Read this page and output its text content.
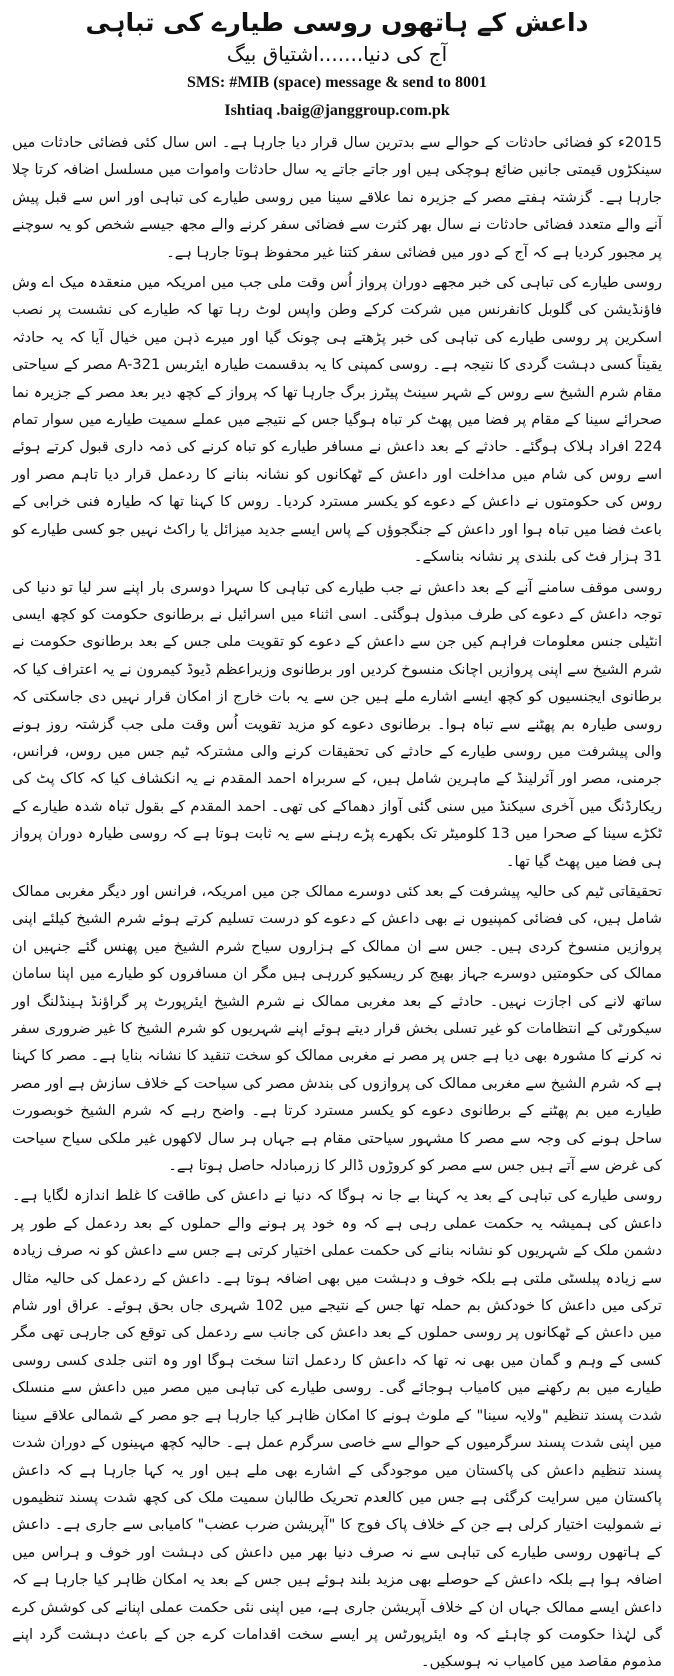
داعش کے ہاتھوں روسی طیارے کی تباہی
آج کی دنیا.......اشتیاق بیگ
SMS: #MIB (space) message & send to 8001
Ishtiaq .baig@janggroup.com.pk

2015ء کو فضائی حادثات کے حوالے سے بدترین سال قرار دیا جارہا ہے۔ اس سال کئی فضائی حادثات میں سینکڑوں قیمتی جانیں ضائع ہوچکی ہیں اور جاتے جاتے یہ سال حادثات واموات میں مسلسل اضافہ کرتا چلا جارہا ہے۔ گزشتہ ہفتے مصر کے جزیرہ نما علاقے سینا میں روسی طیارے کی تباہی اور اس سے قبل پیش آنے والے متعدد فضائی حادثات نے سال بھر کثرت سے فضائی سفر کرنے والے مجھ جیسے شخص کو یہ سوچنے پر مجبور کردیا ہے کہ آج کے دور میں فضائی سفر کتنا غیر محفوظ ہوتا جارہا ہے۔

روسی طیارے کی تباہی کی خبر مجھے دوران پرواز اُس وقت ملی جب میں امریکہ میں منعقدہ میک اے وش فاؤنڈیشن کی گلوبل کانفرنس میں شرکت کرکے وطن واپس لوٹ رہا تھا کہ طیارے کی نشست پر نصب اسکرین پر روسی طیارے کی تباہی کی خبر پڑھتے ہی چونک گیا اور میرے ذہن میں خیال آیا کہ یہ حادثہ یقیناً کسی دہشت گردی کا نتیجہ ہے۔ روسی کمپنی کا یہ بدقسمت طیارہ ایئربس A-321 مصر کے سیاحتی مقام شرم الشیخ سے روس کے شہر سینٹ پیٹرز برگ جارہا تھا کہ پرواز کے کچھ دیر بعد مصر کے جزیرہ نما صحرائے سینا کے مقام پر فضا میں پھٹ کر تباہ ہوگیا جس کے نتیجے میں عملے سمیت طیارے میں سوار تمام 224 افراد ہلاک ہوگئے۔ حادثے کے بعد داعش نے مسافر طیارے کو تباہ کرنے کی ذمہ داری قبول کرتے ہوئے اسے روس کی شام میں مداخلت اور داعش کے ٹھکانوں کو نشانہ بنانے کا ردعمل قرار دیا تاہم مصر اور روس کی حکومتوں نے داعش کے دعوے کو یکسر مسترد کردیا۔ روس کا کہنا تھا کہ طیارہ فنی خرابی کے باعث فضا میں تباہ ہوا اور داعش کے جنگجوؤں کے پاس ایسے جدید میزائل یا راکٹ نہیں جو کسی طیارے کو 31 ہزار فٹ کی بلندی پر نشانہ بناسکے۔

روسی موقف سامنے آنے کے بعد داعش نے جب طیارے کی تباہی کا سہرا دوسری بار اپنے سر لیا تو دنیا کی توجہ داعش کے دعوے کی طرف مبذول ہوگئی۔ اسی اثناء میں اسرائیل نے برطانوی حکومت کو کچھ ایسی انٹیلی جنس معلومات فراہم کیں جن سے داعش کے دعوے کو تقویت ملی جس کے بعد برطانوی حکومت نے شرم الشیخ سے اپنی پروازیں اچانک منسوخ کردیں اور برطانوی وزیراعظم ڈیوڈ کیمرون نے یہ اعتراف کیا کہ برطانوی ایجنسیوں کو کچھ ایسے اشارے ملے ہیں جن سے یہ بات خارج از امکان قرار نہیں دی جاسکتی کہ روسی طیارہ بم پھٹنے سے تباہ ہوا۔ برطانوی دعوے کو مزید تقویت اُس وقت ملی جب گزشتہ روز ہونے والی پیشرفت میں روسی طیارے کے حادثے کی تحقیقات کرنے والی مشترکہ ٹیم جس میں روس، فرانس، جرمنی، مصر اور آئرلینڈ کے ماہرین شامل ہیں، کے سربراہ احمد المقدم نے یہ انکشاف کیا کہ کاک پٹ کی ریکارڈنگ میں آخری سیکنڈ میں سنی گئی آواز دھماکے کی تھی۔ احمد المقدم کے بقول تباہ شدہ طیارے کے ٹکڑے سینا کے صحرا میں 13 کلومیٹر تک بکھرے پڑے رہنے سے یہ ثابت ہوتا ہے کہ روسی طیارہ دوران پرواز ہی فضا میں پھٹ گیا تھا۔

تحقیقاتی ٹیم کی حالیہ پیشرفت کے بعد کئی دوسرے ممالک جن میں امریکہ، فرانس اور دیگر مغربی ممالک شامل ہیں، کی فضائی کمپنیوں نے بھی داعش کے دعوے کو درست تسلیم کرتے ہوئے شرم الشیخ کیلئے اپنی پروازیں منسوخ کردی ہیں۔ جس سے ان ممالک کے ہزاروں سیاح شرم الشیخ میں پھنس گئے جنہیں ان ممالک کی حکومتیں دوسرے جہاز بھیج کر ریسکیو کررہی ہیں مگر ان مسافروں کو طیارے میں اپنا سامان ساتھ لانے کی اجازت نہیں۔ حادثے کے بعد مغربی ممالک نے شرم الشیخ ایئرپورٹ پر گراؤنڈ ہینڈلنگ اور سیکورٹی کے انتظامات کو غیر تسلی بخش قرار دیتے ہوئے اپنے شہریوں کو شرم الشیخ کا غیر ضروری سفر نہ کرنے کا مشورہ بھی دیا ہے جس پر مصر نے مغربی ممالک کو سخت تنقید کا نشانہ بنایا ہے۔ مصر کا کہنا ہے کہ شرم الشیخ سے مغربی ممالک کی پروازوں کی بندش مصر کی سیاحت کے خلاف سازش ہے اور مصر طیارے میں بم پھٹنے کے برطانوی دعوے کو یکسر مسترد کرتا ہے۔ واضح رہے کہ شرم الشیخ خوبصورت ساحل ہونے کی وجہ سے مصر کا مشہور سیاحتی مقام ہے جہاں ہر سال لاکھوں غیر ملکی سیاح سیاحت کی غرض سے آتے ہیں جس سے مصر کو کروڑوں ڈالر کا زرمبادلہ حاصل ہوتا ہے۔

روسی طیارے کی تباہی کے بعد یہ کہنا بے جا نہ ہوگا کہ دنیا نے داعش کی طاقت کا غلط اندازہ لگایا ہے۔ داعش کی ہمیشہ یہ حکمت عملی رہی ہے کہ وہ خود پر ہونے والے حملوں کے بعد ردعمل کے طور پر دشمن ملک کے شہریوں کو نشانہ بنانے کی حکمت عملی اختیار کرتی ہے جس سے داعش کو نہ صرف زیادہ سے زیادہ پبلسٹی ملتی ہے بلکہ خوف و دہشت میں بھی اضافہ ہوتا ہے۔ داعش کے ردعمل کی حالیہ مثال ترکی میں داعش کا خودکش بم حملہ تھا جس کے نتیجے میں 102 شہری جاں بحق ہوئے۔ عراق اور شام میں داعش کے ٹھکانوں پر روسی حملوں کے بعد داعش کی جانب سے ردعمل کی توقع کی جارہی تھی مگر کسی کے وہم و گمان میں بھی نہ تھا کہ داعش کا ردعمل اتنا سخت ہوگا اور وہ اتنی جلدی کسی روسی طیارے میں بم رکھنے میں کامیاب ہوجائے گی۔ روسی طیارے کی تباہی میں مصر میں داعش سے منسلک شدت پسند تنظیم "ولایہ سینا" کے ملوث ہونے کا امکان ظاہر کیا جارہا ہے جو مصر کے شمالی علاقے سینا میں اپنی شدت پسند سرگرمیوں کے حوالے سے خاصی سرگرم عمل ہے۔ حالیہ کچھ مہینوں کے دوران شدت پسند تنظیم داعش کی پاکستان میں موجودگی کے اشارے بھی ملے ہیں اور یہ کہا جارہا ہے کہ داعش پاکستان میں سرایت کرگئی ہے جس میں کالعدم تحریک طالبان سمیت ملک کی کچھ شدت پسند تنظیموں نے شمولیت اختیار کرلی ہے جن کے خلاف پاک فوج کا "آپریشن ضرب عضب" کامیابی سے جاری ہے۔ داعش کے ہاتھوں روسی طیارے کی تباہی سے نہ صرف دنیا بھر میں داعش کی دہشت اور خوف و ہراس میں اضافہ ہوا ہے بلکہ داعش کے حوصلے بھی مزید بلند ہوئے ہیں جس کے بعد یہ امکان ظاہر کیا جارہا ہے کہ داعش ایسے ممالک جہاں ان کے خلاف آپریشن جاری ہے، میں اپنی نئی حکمت عملی اپنانے کی کوشش کرے گی لہٰذا حکومت کو چاہئے کہ وہ ایئرپورٹس پر ایسے سخت اقدامات کرے جن کے باعث دہشت گرد اپنے مذموم مقاصد میں کامیاب نہ ہوسکیں۔
